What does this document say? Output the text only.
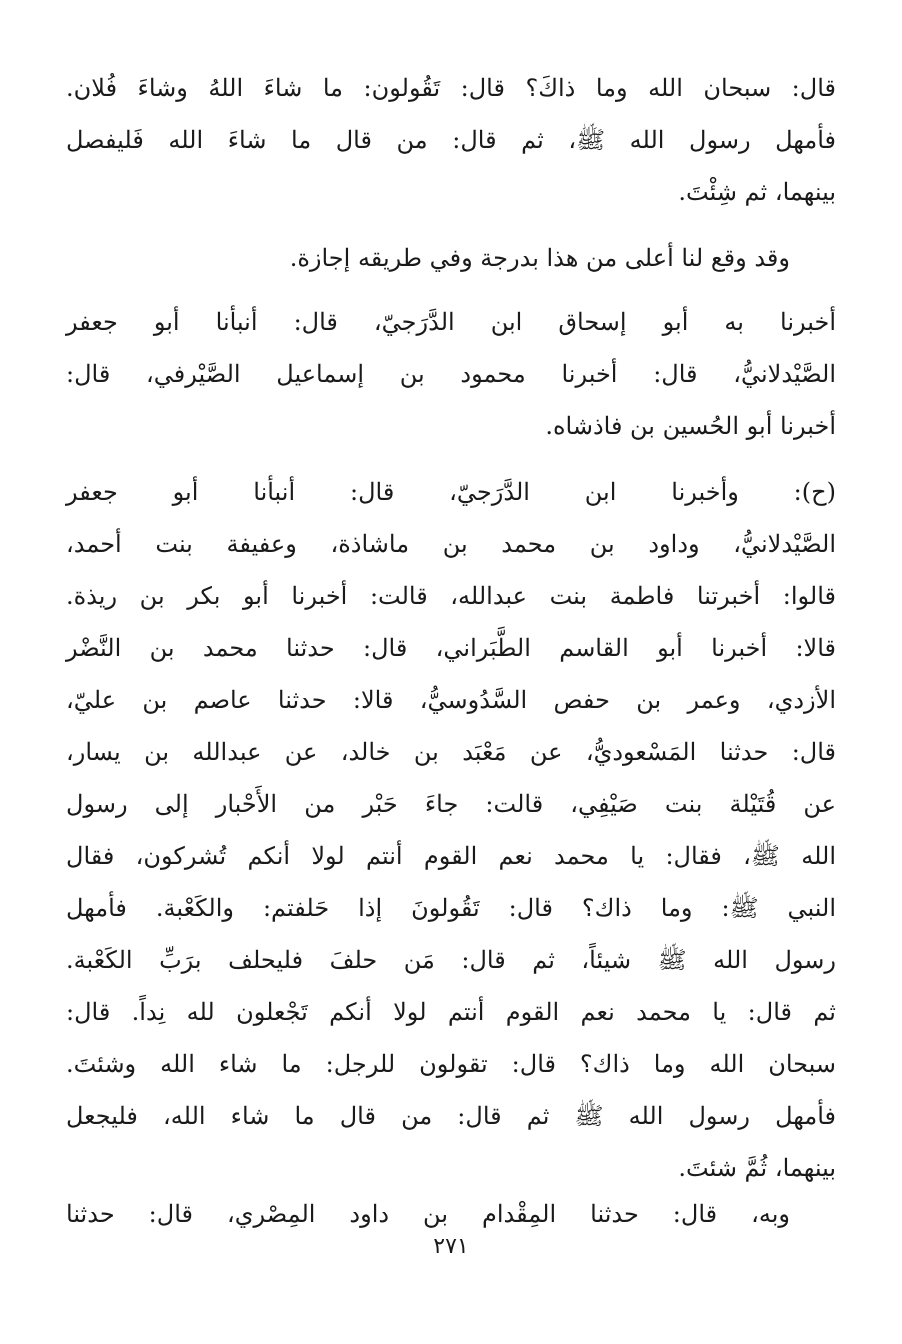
قال: سبحان الله وما ذاكَ؟ قال: تَقُولون: ما شاءَ اللهُ وشاءَ فُلان.
فأمهل رسول الله ﷺ، ثم قال: من قال ما شاءَ الله فَليفصل
بينهما، ثم شِئْتَ.
وقد وقع لنا أعلى من هذا بدرجة وفي طريقه إجازة.
أخبرنا به أبو إسحاق ابن الدَّرَجيّ، قال: أنبأنا أبو جعفر
الصَّيْدلانيُّ، قال: أخبرنا محمود بن إسماعيل الصَّيْرفي، قال:
أخبرنا أبو الحُسين بن فاذشاه.
(ح): وأخبرنا ابن الدَّرَجيّ، قال: أنبأنا أبو جعفر
الصَّيْدلانيُّ، وداود بن محمد بن ماشاذة، وعفيفة بنت أحمد،
قالوا: أخبرتنا فاطمة بنت عبدالله، قالت: أخبرنا أبو بكر بن ريذة.
قالا: أخبرنا أبو القاسم الطَّبَراني، قال: حدثنا محمد بن النَّضْر
الأزدي، وعمر بن حفص السَّدُوسيُّ، قالا: حدثنا عاصم بن عليّ،
قال: حدثنا المَسْعوديُّ، عن مَعْبَد بن خالد، عن عبدالله بن يسار،
عن قُتَيْلة بنت صَيْفِي، قالت: جاءَ حَبْر من الأَحْبار إلى رسول
الله ﷺ، فقال: يا محمد نعم القوم أنتم لولا أنكم تُشركون، فقال
النبي ﷺ: وما ذاك؟ قال: تَقُولونَ إذا حَلفتم: والكَعْبة. فأمهل
رسول الله ﷺ شيئاً، ثم قال: مَن حلفَ فليحلف برَبِّ الكَعْبة.
ثم قال: يا محمد نعم القوم أنتم لولا أنكم تَجْعلون لله نِداً. قال:
سبحان الله وما ذاك؟ قال: تقولون للرجل: ما شاء الله وشئتَ.
فأمهل رسول الله ﷺ ثم قال: من قال ما شاء الله، فليجعل
بينهما، ثُمَّ شئتَ.
وبه، قال: حدثنا المِقْدام بن داود المِصْري، قال: حدثنا
٢٧١
